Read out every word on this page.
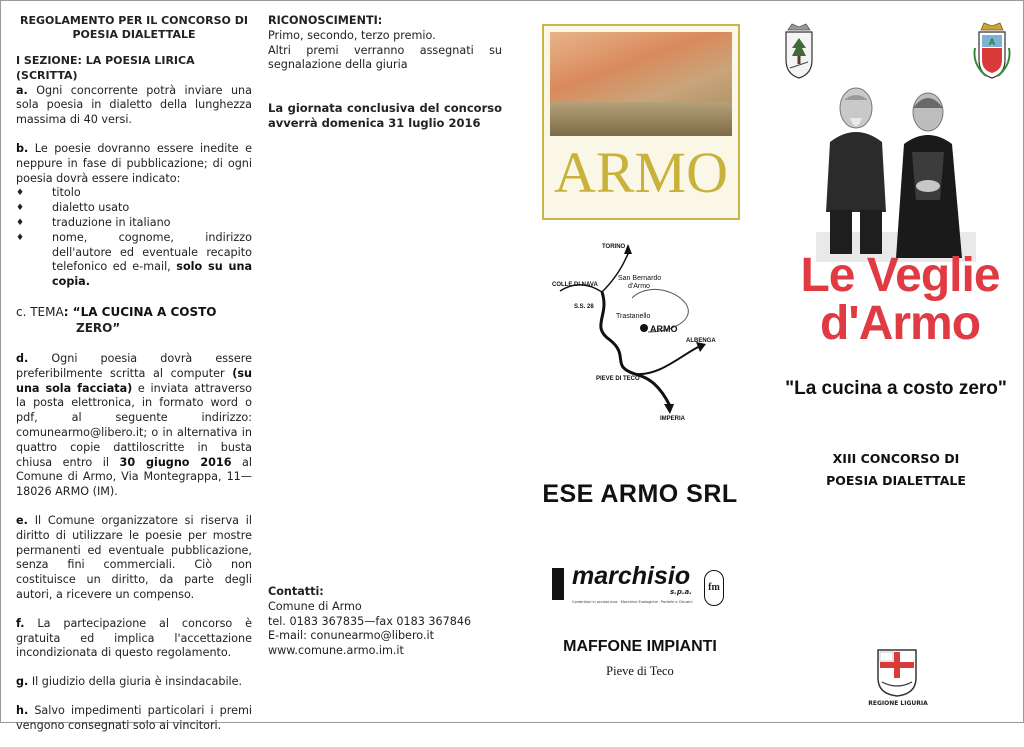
REGOLAMENTO PER IL CONCORSO DI POESIA DIALETTALE
I SEZIONE: LA POESIA LIRICA (SCRITTA)

a. Ogni concorrente potrà inviare una sola poesia in dialetto della lunghezza massima di 40 versi.

b. Le poesie dovranno essere inedite e neppure in fase di pubblicazione; di ogni poesia dovrà essere indicato:
♦ titolo
♦ dialetto usato
♦ traduzione in italiano
♦ nome, cognome, indirizzo dell'autore ed eventuale recapito telefonico ed e-mail, solo su una copia.
c. TEMA: “LA CUCINA A COSTO
ZERO”

d. Ogni poesia dovrà essere preferibilmente scritta al computer (su una sola facciata) e inviata attraverso la posta elettronica, in formato word o pdf, al seguente indirizzo: comunearmo@libero.it; o in alternativa in quattro copie dattiloscritte in busta chiusa entro il 30 giugno 2016 al Comune di Armo, Via Montegrappa, 11—18026 ARMO (IM).

e. Il Comune organizzatore si riserva il diritto di utilizzare le poesie per mostre permanenti ed eventuale pubblicazione, senza fini commerciali. Ciò non costituisce un diritto, da parte degli autori, a ricevere un compenso.

f. La partecipazione al concorso è gratuita ed implica l'accettazione incondizionata di questo regolamento.

g. Il giudizio della giuria è insindacabile.

h. Salvo impedimenti particolari i premi vengono consegnati solo ai vincitori.

RICONOSCIMENTI:
Primo, secondo, terzo premio.
Altri premi verranno assegnati su segnalazione della giuria
La giornata conclusiva del concorso avverrà domenica 31 luglio 2016
Contatti:
Comune di Armo
tel. 0183 367835—fax 0183 367846
E-mail: conunearmo@libero.it
www.comune.armo.im.it
ARMO
TORINO
COLLE DI NAVA
San Bernardo
d'Armo
Trastanello
ARMO
ALBENGA
PIEVE DI TECO
IMPERIA
S.S. 28
ESE ARMO SRL
marchisio
s.p.a.
Contenitori in acciaio inox · Macchine Enologiche · Portelle e Chiusini
fm
MAFFONE IMPIANTI
Pieve di Teco
A
Le Veglie
d'Armo
"La cucina a costo zero"
XIII CONCORSO DI
POESIA DIALETTALE
REGIONE LIGURIA
